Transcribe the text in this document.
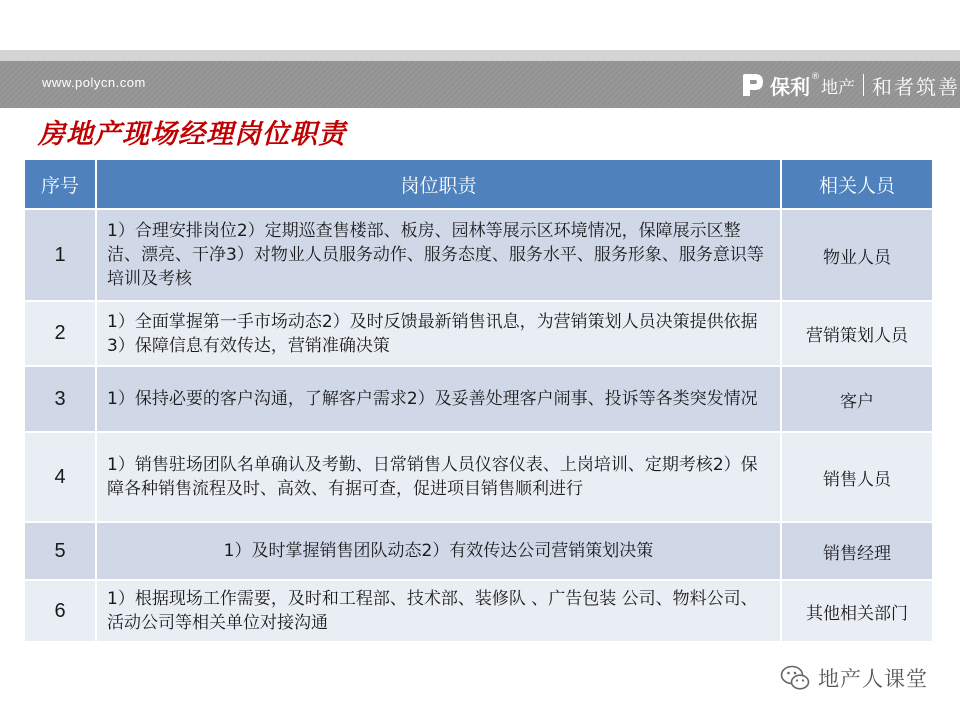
www.polycn.com	保利 ®
地产 和者筑善
房地产现场经理岗位职责
序号	岗位职责	相关人员
1	1）合理安排岗位2）定期巡查售楼部、板房、园林等展示区环境情况，保障展示区整洁、漂亮、干净3）对物业人员服务动作、服务态度、服务水平、服务形象、服务意识等培训及考核	物业人员
2	1）全面掌握第一手市场动态2）及时反馈最新销售讯息，为营销策划人员决策提供依据3）保障信息有效传达，营销准确决策	营销策划人员
3	1）保持必要的客户沟通，了解客户需求2）及妥善处理客户闹事、投诉等各类突发情况	客户
4	1）销售驻场团队名单确认及考勤、日常销售人员仪容仪表、上岗培训、定期考核2）保障各种销售流程及时、高效、有据可查，促进项目销售顺利进行	销售人员
5	1）及时掌握销售团队动态2）有效传达公司营销策划决策	销售经理
6	1）根据现场工作需要，及时和工程部、技术部、装修队 、广告包装 公司、物料公司、活动公司等相关单位对接沟通	其他相关部门
地产人课堂
